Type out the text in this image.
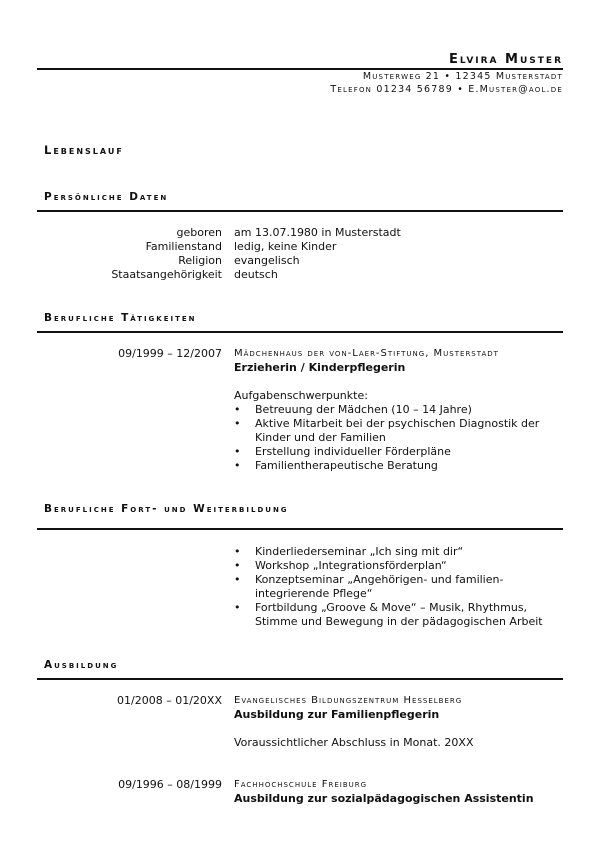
Elvira Muster
Musterweg 21 • 12345 Musterstadt
Telefon 01234 56789 • E.Muster@aol.de
Lebenslauf
Persönliche Daten
geboren am 13.07.1980 in Musterstadt
Familienstand ledig, keine Kinder
Religion evangelisch
Staatsangehörigkeit deutsch
Berufliche Tätigkeiten
09/1999 – 12/2007 Mädchenhaus der von-Laer-Stiftung, Musterstadt
Erzieherin / Kinderpflegerin
Aufgabenschwerpunkte:
• Betreuung der Mädchen (10 – 14 Jahre)
• Aktive Mitarbeit bei der psychischen Diagnostik der
Kinder und der Familien
• Erstellung individueller Förderpläne
• Familientherapeutische Beratung
Berufliche Fort- und Weiterbildung
• Kinderliederseminar „Ich sing mit dir“
• Workshop „Integrationsförderplan“
• Konzeptseminar „Angehörigen- und familien-
integrierende Pflege“
• Fortbildung „Groove & Move“ – Musik, Rhythmus,
Stimme und Bewegung in der pädagogischen Arbeit
Ausbildung
01/2008 – 01/20XX Evangelisches Bildungszentrum Hesselberg
Ausbildung zur Familienpflegerin
Voraussichtlicher Abschluss in Monat. 20XX
09/1996 – 08/1999 Fachhochschule Freiburg
Ausbildung zur sozialpädagogischen Assistentin
